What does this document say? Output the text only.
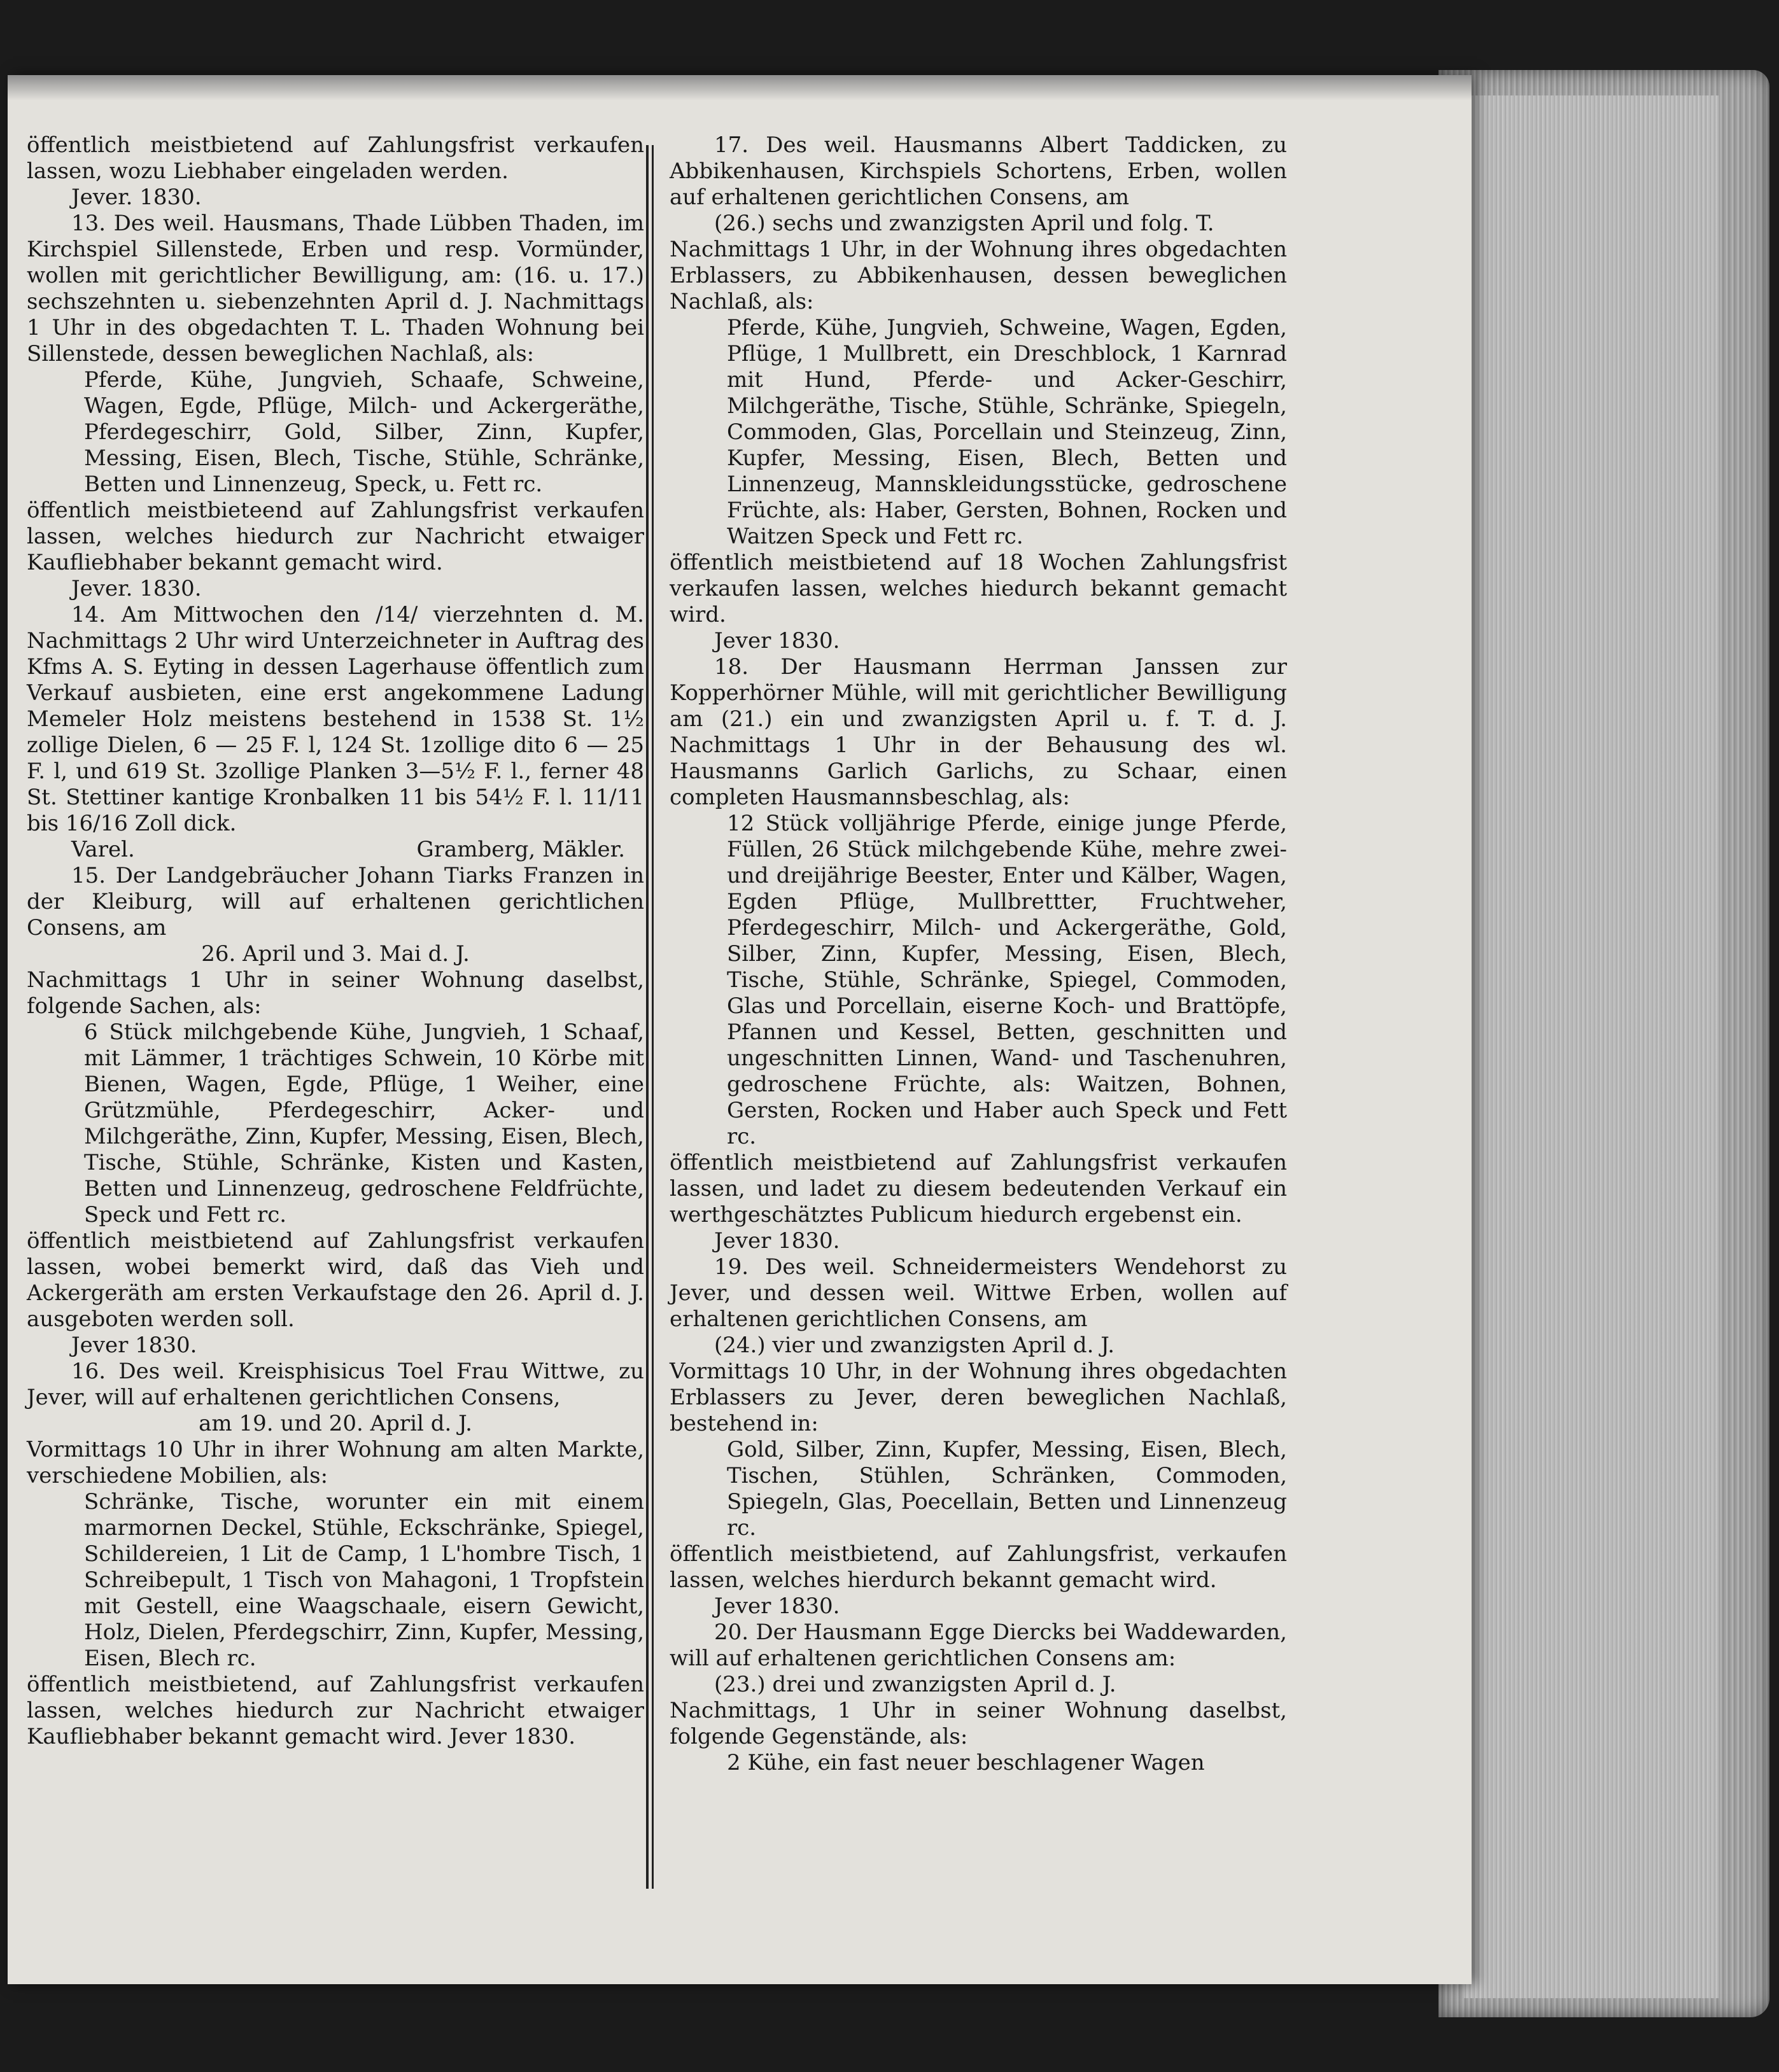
öffentlich meistbietend auf Zahlungsfrist verkaufen lassen, wozu Liebhaber eingeladen werden.
Jever. 1830.
13. Des weil. Hausmans, Thade Lübben Thaden, im Kirchspiel Sillenstede, Erben und resp. Vormünder, wollen mit gerichtlicher Bewilligung, am: (16. u. 17.) sechszehnten u. siebenzehnten April d. J. Nachmittags 1 Uhr in des obgedachten T. L. Thaden Wohnung bei Sillenstede, dessen beweglichen Nachlaß, als:
Pferde, Kühe, Jungvieh, Schaafe, Schweine, Wagen, Egde, Pflüge, Milch- und Ackergeräthe, Pferdegeschirr, Gold, Silber, Zinn, Kupfer, Messing, Eisen, Blech, Tische, Stühle, Schränke, Betten und Linnenzeug, Speck, u. Fett rc.
öffentlich meistbieteend auf Zahlungsfrist verkaufen lassen, welches hiedurch zur Nachricht etwaiger Kaufliebhaber bekannt gemacht wird.
Jever. 1830.
14. Am Mittwochen den /14/ vierzehnten d. M. Nachmittags 2 Uhr wird Unterzeichneter in Auftrag des Kfms A. S. Eyting in dessen Lagerhause öffentlich zum Verkauf ausbieten, eine erst angekommene Ladung Memeler Holz meistens bestehend in 1538 St. 1½ zollige Dielen, 6 — 25 F. l, 124 St. 1zollige dito 6 — 25 F. l, und 619 St. 3zollige Planken 3—5½ F. l., ferner 48 St. Stettiner kantige Kronbalken 11 bis 54½ F. l. 11/11 bis 16/16 Zoll dick.
Varel.	Gramberg, Mäkler.
15. Der Landgebräucher Johann Tiarks Franzen in der Kleiburg, will auf erhaltenen gerichtlichen Consens, am
26. April und 3. Mai d. J.
Nachmittags 1 Uhr in seiner Wohnung daselbst, folgende Sachen, als:
6 Stück milchgebende Kühe, Jungvieh, 1 Schaaf, mit Lämmer, 1 trächtiges Schwein, 10 Körbe mit Bienen, Wagen, Egde, Pflüge, 1 Weiher, eine Grützmühle, Pferdegeschirr, Acker- und Milchgeräthe, Zinn, Kupfer, Messing, Eisen, Blech, Tische, Stühle, Schränke, Kisten und Kasten, Betten und Linnenzeug, gedroschene Feldfrüchte, Speck und Fett rc.
öffentlich meistbietend auf Zahlungsfrist verkaufen lassen, wobei bemerkt wird, daß das Vieh und Ackergeräth am ersten Verkaufstage den 26. April d. J. ausgeboten werden soll.
Jever 1830.
16. Des weil. Kreisphisicus Toel Frau Wittwe, zu Jever, will auf erhaltenen gerichtlichen Consens,
am 19. und 20. April d. J.
Vormittags 10 Uhr in ihrer Wohnung am alten Markte, verschiedene Mobilien, als:
Schränke, Tische, worunter ein mit einem marmornen Deckel, Stühle, Eckschränke, Spiegel, Schildereien, 1 Lit de Camp, 1 L'hombre Tisch, 1 Schreibepult, 1 Tisch von Mahagoni, 1 Tropfstein mit Gestell, eine Waagschaale, eisern Gewicht, Holz, Dielen, Pferdegschirr, Zinn, Kupfer, Messing, Eisen, Blech rc.
öffentlich meistbietend, auf Zahlungsfrist verkaufen lassen, welches hiedurch zur Nachricht etwaiger Kaufliebhaber bekannt gemacht wird. Jever 1830.
17. Des weil. Hausmanns Albert Taddicken, zu Abbikenhausen, Kirchspiels Schortens, Erben, wollen auf erhaltenen gerichtlichen Consens, am
(26.) sechs und zwanzigsten April und folg. T.
Nachmittags 1 Uhr, in der Wohnung ihres obgedachten Erblassers, zu Abbikenhausen, dessen beweglichen Nachlaß, als:
Pferde, Kühe, Jungvieh, Schweine, Wagen, Egden, Pflüge, 1 Mullbrett, ein Dreschblock, 1 Karnrad mit Hund, Pferde- und Acker-Geschirr, Milchgeräthe, Tische, Stühle, Schränke, Spiegeln, Commoden, Glas, Porcellain und Steinzeug, Zinn, Kupfer, Messing, Eisen, Blech, Betten und Linnenzeug, Mannskleidungsstücke, gedroschene Früchte, als: Haber, Gersten, Bohnen, Rocken und Waitzen Speck und Fett rc.
öffentlich meistbietend auf 18 Wochen Zahlungsfrist verkaufen lassen, welches hiedurch bekannt gemacht wird.
Jever 1830.
18. Der Hausmann Herrman Janssen zur Kopperhörner Mühle, will mit gerichtlicher Bewilligung am (21.) ein und zwanzigsten April u. f. T. d. J. Nachmittags 1 Uhr in der Behausung des wl. Hausmanns Garlich Garlichs, zu Schaar, einen completen Hausmannsbeschlag, als:
12 Stück volljährige Pferde, einige junge Pferde, Füllen, 26 Stück milchgebende Kühe, mehre zwei- und dreijährige Beester, Enter und Kälber, Wagen, Egden Pflüge, Mullbrettter, Fruchtweher, Pferdegeschirr, Milch- und Ackergeräthe, Gold, Silber, Zinn, Kupfer, Messing, Eisen, Blech, Tische, Stühle, Schränke, Spiegel, Commoden, Glas und Porcellain, eiserne Koch- und Brattöpfe, Pfannen und Kessel, Betten, geschnitten und ungeschnitten Linnen, Wand- und Taschenuhren, gedroschene Früchte, als: Waitzen, Bohnen, Gersten, Rocken und Haber auch Speck und Fett rc.
öffentlich meistbietend auf Zahlungsfrist verkaufen lassen, und ladet zu diesem bedeutenden Verkauf ein werthgeschätztes Publicum hiedurch ergebenst ein.
Jever 1830.
19. Des weil. Schneidermeisters Wendehorst zu Jever, und dessen weil. Wittwe Erben, wollen auf erhaltenen gerichtlichen Consens, am
(24.) vier und zwanzigsten April d. J.
Vormittags 10 Uhr, in der Wohnung ihres obgedachten Erblassers zu Jever, deren beweglichen Nachlaß, bestehend in:
Gold, Silber, Zinn, Kupfer, Messing, Eisen, Blech, Tischen, Stühlen, Schränken, Commoden, Spiegeln, Glas, Poecellain, Betten und Linnenzeug rc.
öffentlich meistbietend, auf Zahlungsfrist, verkaufen lassen, welches hierdurch bekannt gemacht wird.
Jever 1830.
20. Der Hausmann Egge Diercks bei Waddewarden, will auf erhaltenen gerichtlichen Consens am:
(23.) drei und zwanzigsten April d. J.
Nachmittags, 1 Uhr in seiner Wohnung daselbst, folgende Gegenstände, als:
2 Kühe, ein fast neuer beschlagener Wagen
